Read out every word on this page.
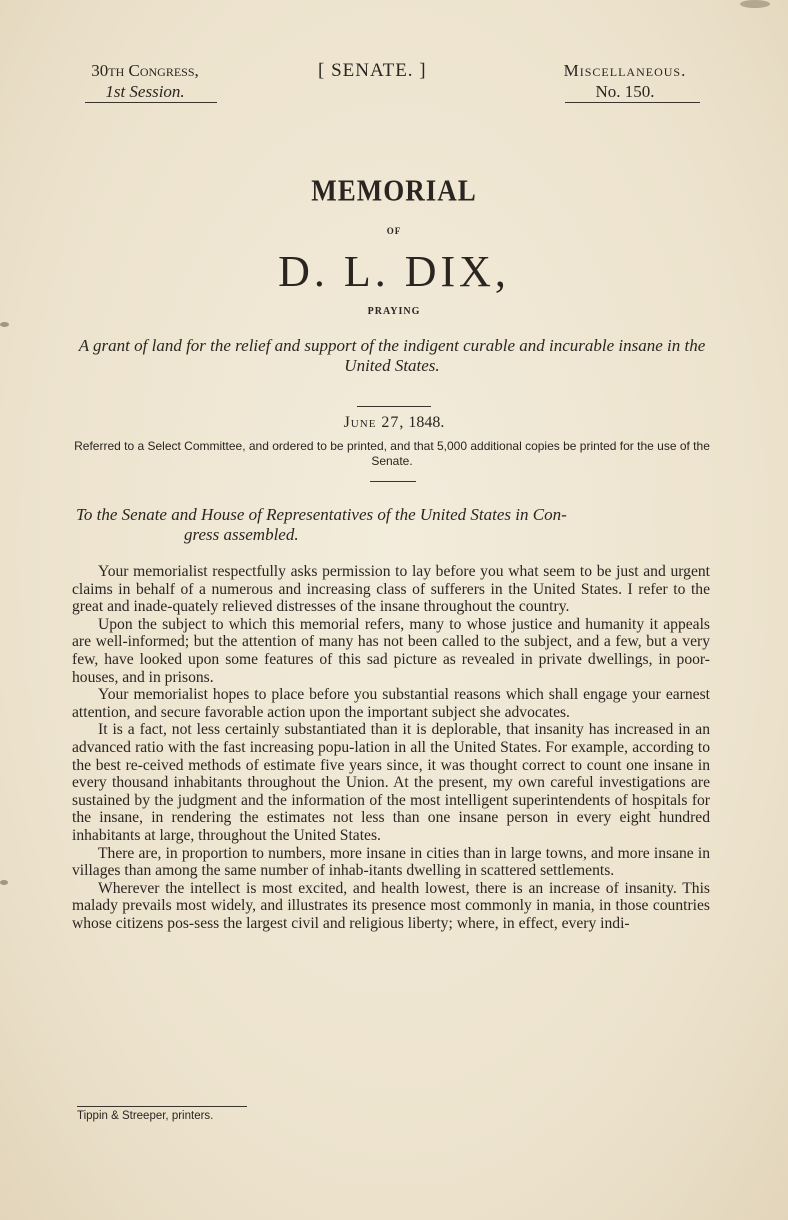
30th Congress,
1st Session.
[ SENATE. ]	Miscellaneous.
No. 150.
MEMORIAL
OF
D. L. DIX,
PRAYING
A grant of land for the relief and support of the indigent curable and incurable insane in the United States.
June 27, 1848.
Referred to a Select Committee, and ordered to be printed, and that 5,000 additional copies be printed for the use of the Senate.
To the Senate and House of Representatives of the United States in Con-
gress assembled.

Your memorialist respectfully asks permission to lay before you what seem to be just and urgent claims in behalf of a numerous and increasing class of sufferers in the United States. I refer to the great and inade-quately relieved distresses of the insane throughout the country.

Upon the subject to which this memorial refers, many to whose justice and humanity it appeals are well-informed; but the attention of many has not been called to the subject, and a few, but a very few, have looked upon some features of this sad picture as revealed in private dwellings, in poor-houses, and in prisons.

Your memorialist hopes to place before you substantial reasons which shall engage your earnest attention, and secure favorable action upon the important subject she advocates.

It is a fact, not less certainly substantiated than it is deplorable, that insanity has increased in an advanced ratio with the fast increasing popu-lation in all the United States. For example, according to the best re-ceived methods of estimate five years since, it was thought correct to count one insane in every thousand inhabitants throughout the Union. At the present, my own careful investigations are sustained by the judgment and the information of the most intelligent superintendents of hospitals for the insane, in rendering the estimates not less than one insane person in every eight hundred inhabitants at large, throughout the United States.

There are, in proportion to numbers, more insane in cities than in large towns, and more insane in villages than among the same number of inhab-itants dwelling in scattered settlements.

Wherever the intellect is most excited, and health lowest, there is an increase of insanity. This malady prevails most widely, and illustrates its presence most commonly in mania, in those countries whose citizens pos-sess the largest civil and religious liberty; where, in effect, every indi-

Tippin & Streeper, printers.
